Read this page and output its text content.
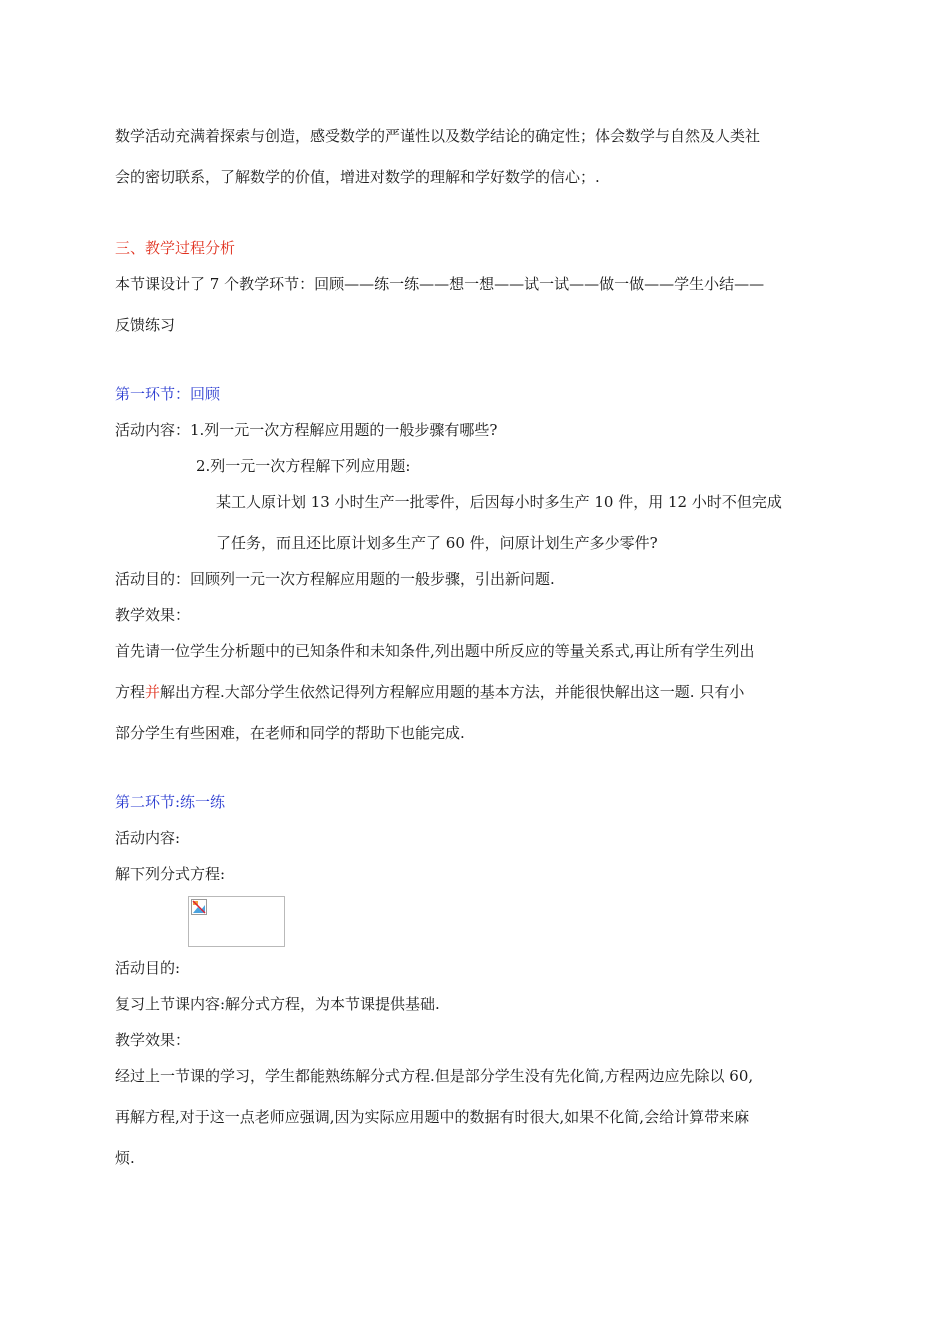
数学活动充满着探索与创造，感受数学的严谨性以及数学结论的确定性；体会数学与自然及人类社
会的密切联系，了解数学的价值，增进对数学的理解和学好数学的信心；.
三、教学过程分析
本节课设计了 7 个教学环节：回顾——练一练——想一想——试一试——做一做——学生小结——
反馈练习
第一环节：回顾
活动内容：1.列一元一次方程解应用题的一般步骤有哪些?
2.列一元一次方程解下列应用题:
某工人原计划 13 小时生产一批零件，后因每小时多生产 10 件，用 12 小时不但完成
了任务，而且还比原计划多生产了 60 件，问原计划生产多少零件?
活动目的：回顾列一元一次方程解应用题的一般步骤，引出新问题.
教学效果：
首先请一位学生分析题中的已知条件和未知条件,列出题中所反应的等量关系式,再让所有学生列出
方程并解出方程.大部分学生依然记得列方程解应用题的基本方法，并能很快解出这一题. 只有小
部分学生有些困难，在老师和同学的帮助下也能完成.
第二环节:练一练
活动内容:
解下列分式方程:
活动目的:
复习上节课内容:解分式方程，为本节课提供基础.
教学效果：
经过上一节课的学习，学生都能熟练解分式方程.但是部分学生没有先化简,方程两边应先除以 60,
再解方程,对于这一点老师应强调,因为实际应用题中的数据有时很大,如果不化简,会给计算带来麻
烦.
